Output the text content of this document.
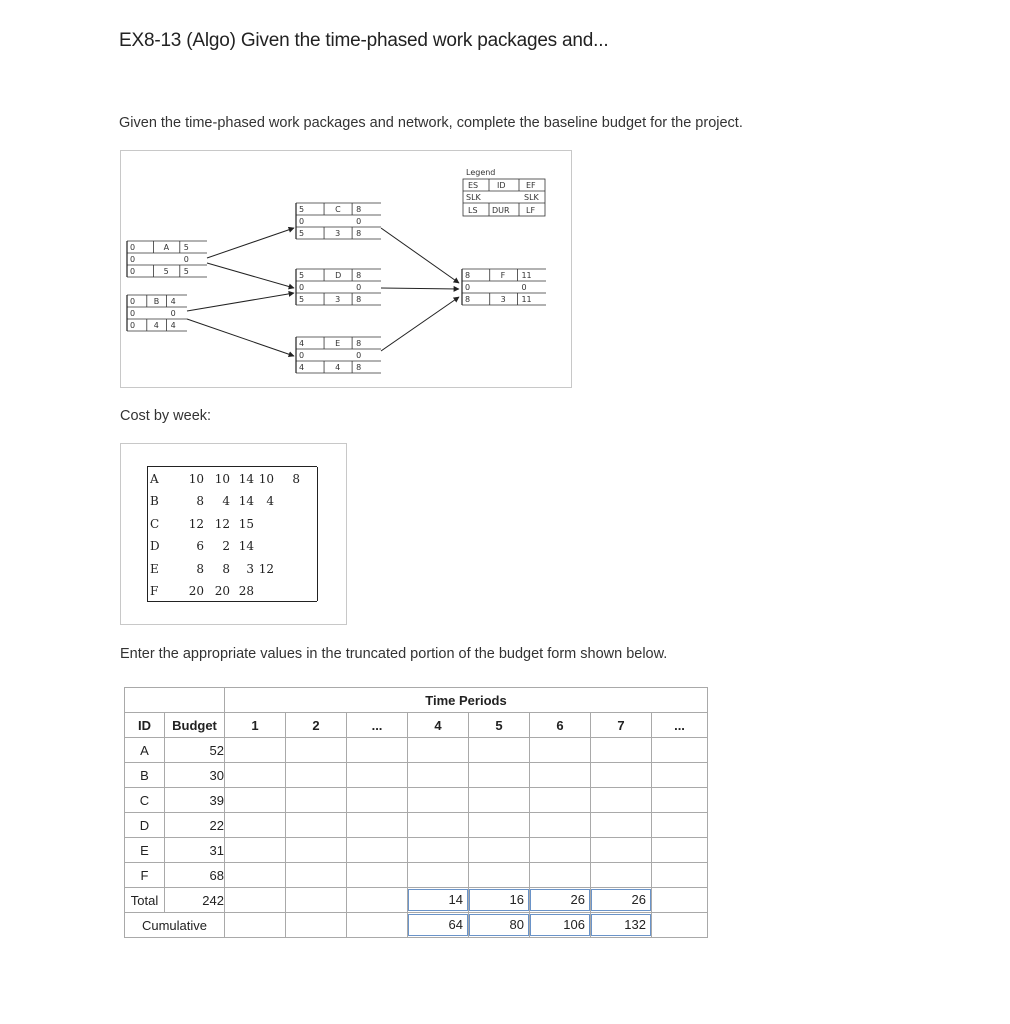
EX8-13 (Algo) Given the time-phased work packages and...
Given the time-phased work packages and network, complete the baseline budget for the project.
Legend
ES ID	EF
SLK	SLK
LS DUR LF
0	A 5
0	0
0	5 5
0 B 4
0	0
0 4 4
5	C 8
0	0
5	3 8
5	D 8
0	0
5	3 8
4	E 8
0	0
4	4 8
8	F 11
0	0
8	3 11
Cost by week:
A	10 10 14 10	8
B	8	4 14	4
C	12 12 15
D	6	2 14
E	8	8	3 12
F	20 20 28
Enter the appropriate values in the truncated portion of the budget form shown below.
		Time Periods							
ID	Budget	1	2	...	4	5	6	7	...
A	52								
B	30								
C	39								
D	22								
E	31								
F	68								
Total	242				14	16	26	26	

Cumulative					64	80	106	132	
